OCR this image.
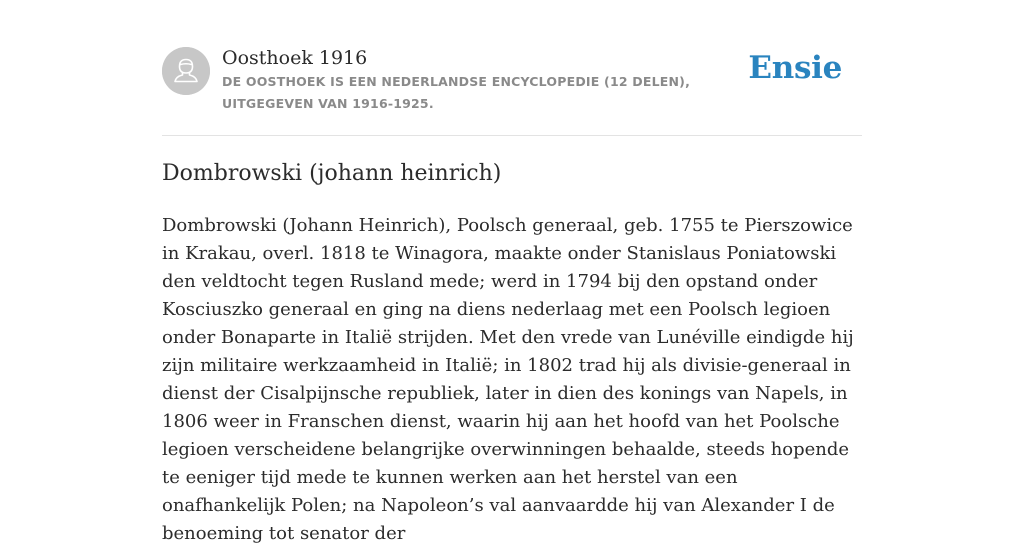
Oosthoek 1916
DE OOSTHOEK IS EEN NEDERLANDSE ENCYCLOPEDIE (12 DELEN), UITGEGEVEN VAN 1916-1925.
Ensie
Dombrowski (johann heinrich)

Dombrowski (Johann Heinrich), Poolsch generaal, geb. 1755 te Pierszowice in Krakau, overl. 1818 te Winagora, maakte onder Stanislaus Poniatowski den veldtocht tegen Rusland mede; werd in 1794 bij den opstand onder Kosciuszko generaal en ging na diens nederlaag met een Poolsch legioen onder Bonaparte in Italië strijden. Met den vrede van Lunéville eindigde hij zijn militaire werkzaamheid in Italië; in 1802 trad hij als divisie-generaal in dienst der Cisalpijnsche republiek, later in dien des konings van Napels, in 1806 weer in Franschen dienst, waarin hij aan het hoofd van het Poolsche legioen verscheidene belangrijke overwinningen behaalde, steeds hopende te eeniger tijd mede te kunnen werken aan het herstel van een onafhankelijk Polen; na Napoleon’s val aanvaardde hij van Alexander I de benoeming tot senator der
